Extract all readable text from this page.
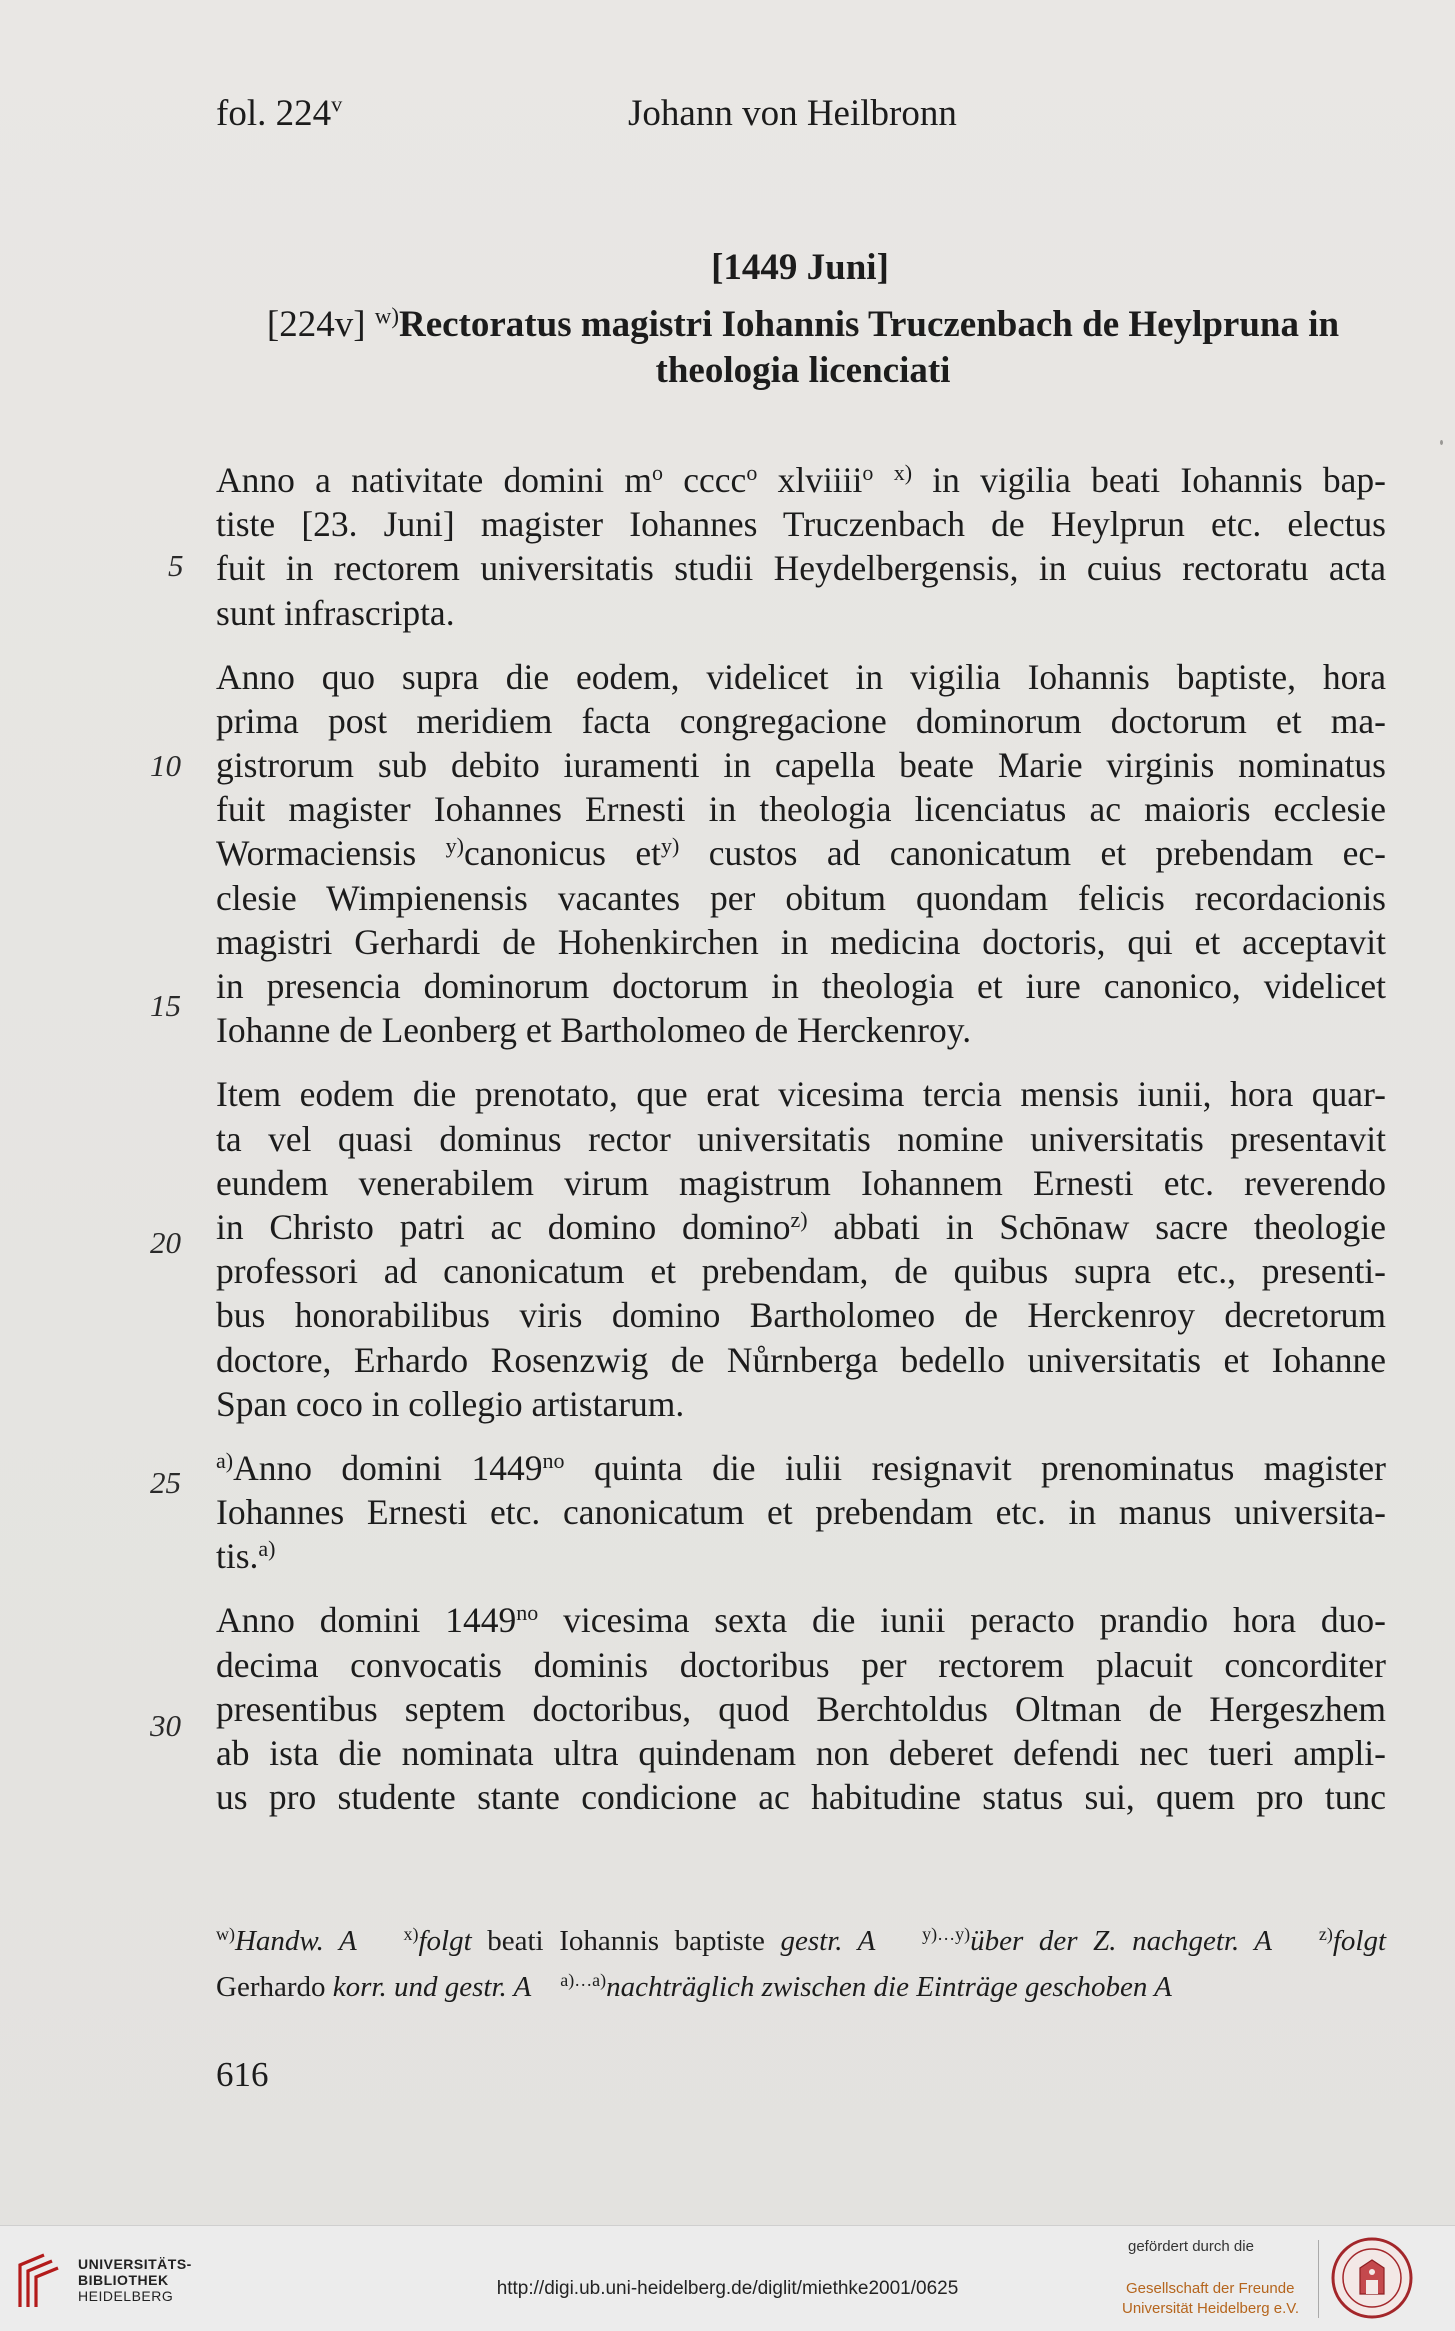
fol. 224$^v$	Johann von Heilbronn
[1449 Juni]
[224v] $^{w)}$Rectoratus magistri Iohannis Truczenbach de Heylpruna in
theologia licenciati
Anno a nativitate domini $m^o$ cccc$^o$ xlviiii$^o$ $^{x)}$ in vigilia beati Iohannis bap-
tiste [23. Juni] magister Iohannes Truczenbach de Heylprun etc. electus
fuit in rectorem universitatis studii Heydelbergensis, in cuius rectoratu acta
sunt infrascripta.
Anno quo supra die eodem, videlicet in vigilia Iohannis baptiste, hora
prima post meridiem facta congregacione dominorum doctorum et ma-
gistrorum sub debito iuramenti in capella beate Marie virginis nominatus
fuit magister Iohannes Ernesti in theologia licenciatus ac maioris ecclesie
Wormaciensis $^{y)}$canonicus $et^{y)}$ custos ad canonicatum et prebendam ec-
clesie Wimpienensis vacantes per obitum quondam felicis recordacionis
magistri Gerhardi de Hohenkirchen in medicina doctoris, qui et acceptavit
in presencia dominorum doctorum in theologia et iure canonico, videlicet
Iohanne de Leonberg et Bartholomeo de Herckenroy.
Item eodem die prenotato, que erat vicesima tercia mensis iunii, hora quar-
ta vel quasi dominus rector universitatis nomine universitatis presentavit
eundem venerabilem virum magistrum Iohannem Ernesti etc. reverendo
in Christo patri ac domino domino$^{z)}$ abbati in Schōnaw sacre theologie
professori ad canonicatum et prebendam, de quibus supra etc., presenti-
bus honorabilibus viris domino Bartholomeo de Herckenroy decretorum
doctore, Erhardo Rosenzwig de Nůrnberga bedello universitatis et Iohanne
Span coco in collegio artistarum.
$^{a)}$Anno domini $1449^{no}$ quinta die iulii resignavit prenominatus magister
Iohannes Ernesti etc. canonicatum et prebendam etc. in manus universita-
tis.$^{a)}$
Anno domini $1449^{no}$ vicesima sexta die iunii peracto prandio hora duo-
decima convocatis dominis doctoribus per rectorem placuit concorditer
presentibus septem doctoribus, quod Berchtoldus Oltman de Hergeszhem
ab ista die nominata ultra quindenam non deberet defendi nec tueri ampli-
us pro studente stante condicione ac habitudine status sui, quem pro tunc
5
10
15
20
25
30
$^{w)}$Handw. A	$^{x)}$folgt beati Iohannis baptiste gestr. A	$^{y)\dots y)}$über der Z. nachgetr. A	$^{z)}$folgt
Gerhardo korr. und gestr. A $^{a)\dots a)}$nachträglich zwischen die Einträge geschoben A
616
UNIVERSITÄTS-
BIBLIOTHEK
HEIDELBERG	http://digi.ub.uni-heidelberg.de/diglit/miethke2001/0625
gefördert durch die
Gesellschaft der Freunde
Universität Heidelberg e.V.
